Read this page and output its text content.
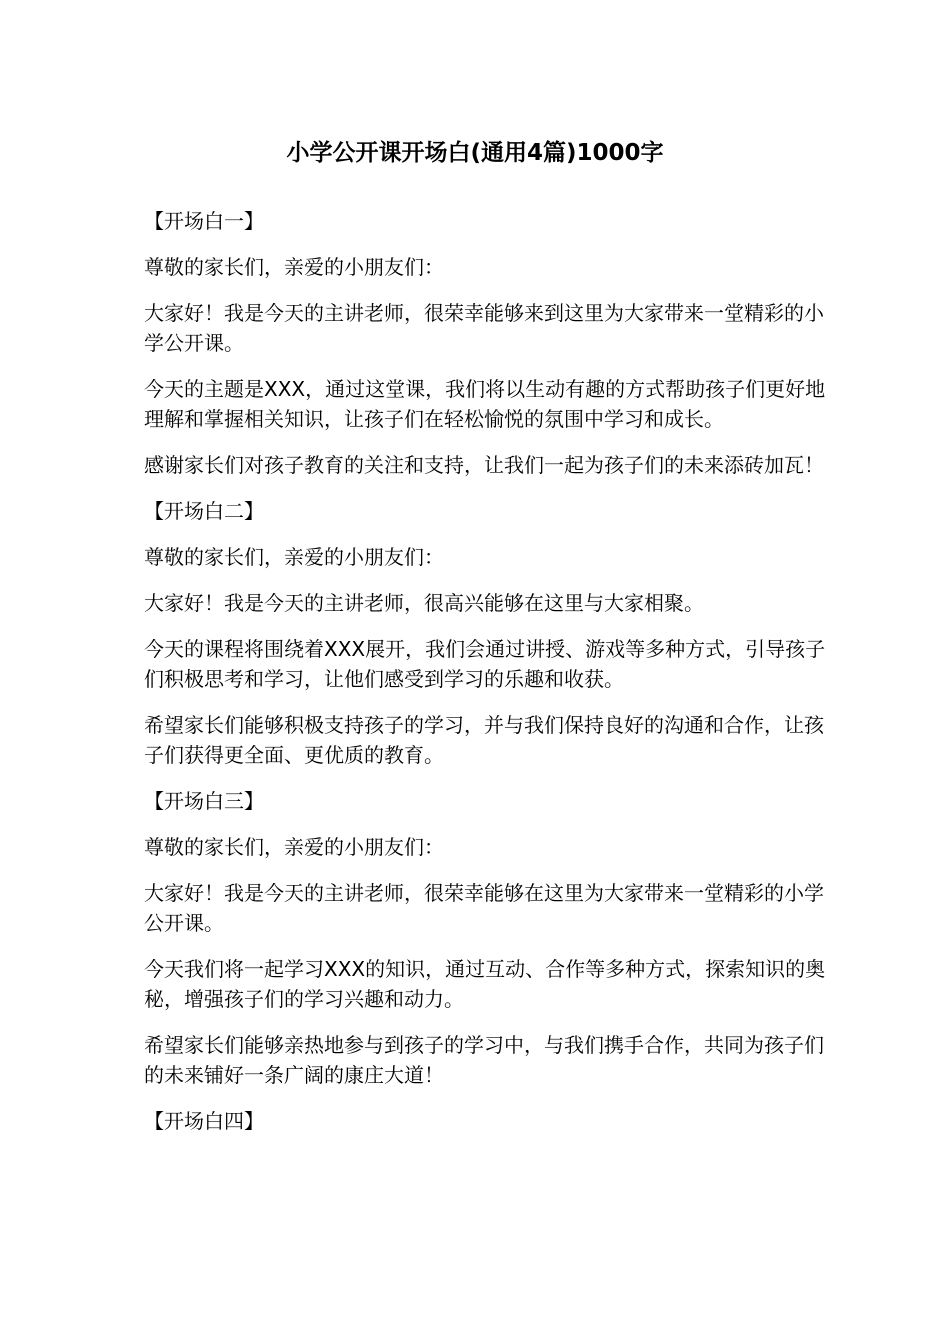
小学公开课开场白(通用4篇)1000字

【开场白一】

尊敬的家长们，亲爱的小朋友们：

大家好！我是今天的主讲老师，很荣幸能够来到这里为大家带来一堂精彩的小学公开课。

今天的主题是XXX，通过这堂课，我们将以生动有趣的方式帮助孩子们更好地理解和掌握相关知识，让孩子们在轻松愉悦的氛围中学习和成长。

感谢家长们对孩子教育的关注和支持，让我们一起为孩子们的未来添砖加瓦！

【开场白二】

尊敬的家长们，亲爱的小朋友们：

大家好！我是今天的主讲老师，很高兴能够在这里与大家相聚。

今天的课程将围绕着XXX展开，我们会通过讲授、游戏等多种方式，引导孩子们积极思考和学习，让他们感受到学习的乐趣和收获。

希望家长们能够积极支持孩子的学习，并与我们保持良好的沟通和合作，让孩子们获得更全面、更优质的教育。

【开场白三】

尊敬的家长们，亲爱的小朋友们：

大家好！我是今天的主讲老师，很荣幸能够在这里为大家带来一堂精彩的小学公开课。

今天我们将一起学习XXX的知识，通过互动、合作等多种方式，探索知识的奥秘，增强孩子们的学习兴趣和动力。

希望家长们能够亲热地参与到孩子的学习中，与我们携手合作，共同为孩子们的未来铺好一条广阔的康庄大道！

【开场白四】
